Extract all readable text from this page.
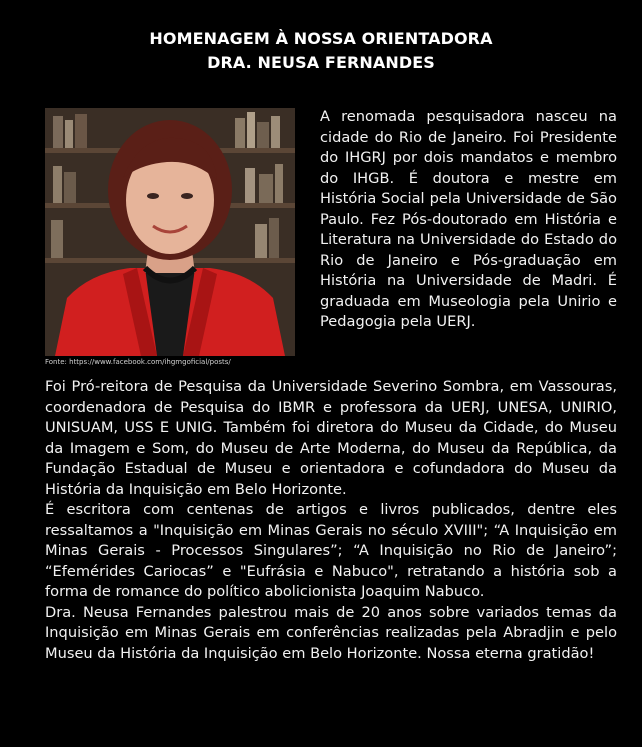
HOMENAGEM À NOSSA ORIENTADORA
DRA. NEUSA FERNANDES
Fonte: https://www.facebook.com/ihgmgoficial/posts/
A renomada pesquisadora nasceu na cidade do Rio de Janeiro. Foi Presidente do IHGRJ por dois mandatos e membro do IHGB. É doutora e mestre em História Social pela Universidade de São Paulo. Fez Pós-doutorado em História e Literatura na Universidade do Estado do Rio de Janeiro e Pós-graduação em História na Universidade de Madri. É graduada em Museologia pela Unirio e Pedagogia pela UERJ.

Foi Pró-reitora de Pesquisa da Universidade Severino Sombra, em Vassouras, coordenadora de Pesquisa do IBMR e professora da UERJ, UNESA, UNIRIO, UNISUAM, USS E UNIG. Também foi diretora do Museu da Cidade, do Museu da Imagem e Som, do Museu de Arte Moderna, do Museu da República, da Fundação Estadual de Museu e orientadora e cofundadora do Museu da História da Inquisição em Belo Horizonte.

É escritora com centenas de artigos e livros publicados, dentre eles ressaltamos a "Inquisição em Minas Gerais no século XVIII"; “A Inquisição em Minas Gerais - Processos Singulares”; “A Inquisição no Rio de Janeiro”; “Efemérides Cariocas” e "Eufrásia e Nabuco", retratando a história sob a forma de romance do político abolicionista Joaquim Nabuco.

Dra. Neusa Fernandes palestrou mais de 20 anos sobre variados temas da Inquisição em Minas Gerais em conferências realizadas pela Abradjin e pelo Museu da História da Inquisição em Belo Horizonte. Nossa eterna gratidão!
